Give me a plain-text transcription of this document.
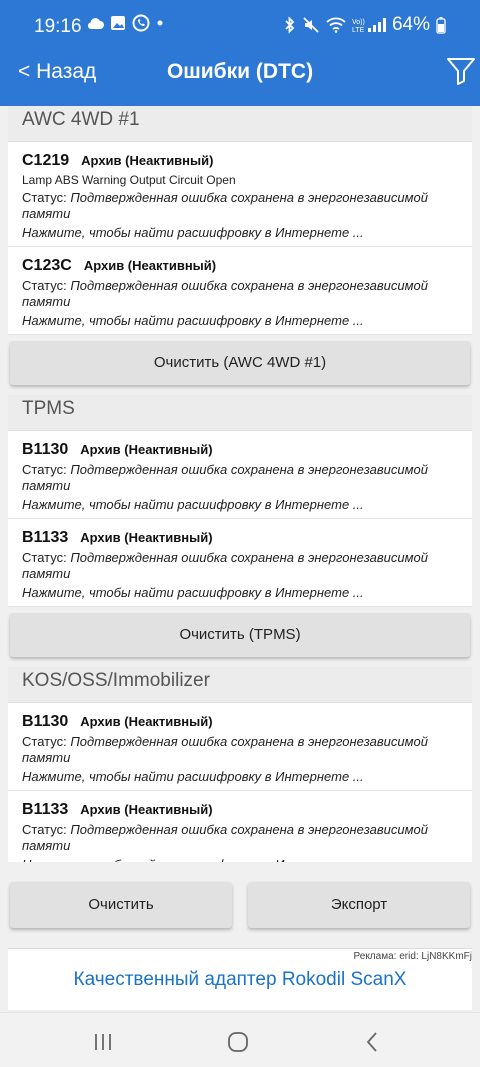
19:16	Vo))
LTE 64%
< Назад	Ошибки (DTC)
AWC 4WD #1
C1219 Архив (Неактивный)
Lamp ABS Warning Output Circuit Open
Статус: Подтвержденная ошибка сохранена в энергонезависимой памяти
Нажмите, чтобы найти расшифровку в Интернете ...
C123C Архив (Неактивный)
Статус: Подтвержденная ошибка сохранена в энергонезависимой памяти
Нажмите, чтобы найти расшифровку в Интернете ...
Очистить (AWC 4WD #1)
TPMS
B1130 Архив (Неактивный)
Статус: Подтвержденная ошибка сохранена в энергонезависимой памяти
Нажмите, чтобы найти расшифровку в Интернете ...
B1133 Архив (Неактивный)
Статус: Подтвержденная ошибка сохранена в энергонезависимой памяти
Нажмите, чтобы найти расшифровку в Интернете ...
Очистить (TPMS)
KOS/OSS/Immobilizer
B1130 Архив (Неактивный)
Статус: Подтвержденная ошибка сохранена в энергонезависимой памяти
Нажмите, чтобы найти расшифровку в Интернете ...
B1133 Архив (Неактивный)
Статус: Подтвержденная ошибка сохранена в энергонезависимой памяти
Очистить	Экспорт
Реклама: erid: LjN8KKmFj
Качественный адаптер Rokodil ScanX
